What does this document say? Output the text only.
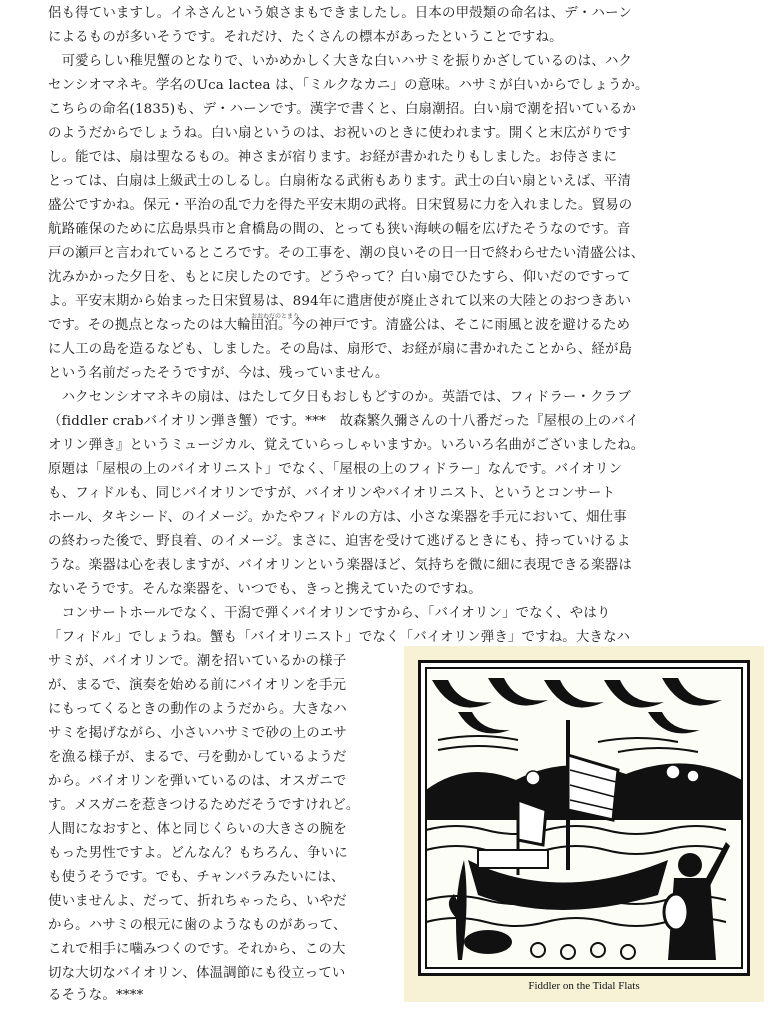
侶も得ていますし。イネさんという娘さまもできましたし。日本の甲殻類の命名は、デ・ハーン
によるものが多いそうです。それだけ、たくさんの標本があったということですね。
　可愛らしい稚児蟹のとなりで、いかめかしく大きな白いハサミを振りかざしているのは、ハク
センシオマネキ。学名のUca lactea は、「ミルクなカニ」の意味。ハサミが白いからでしょうか。
こちらの命名(1835)も、デ・ハーンです。漢字で書くと、白扇潮招。白い扇で潮を招いているか
のようだからでしょうね。白い扇というのは、お祝いのときに使われます。開くと末広がりです
し。能では、扇は聖なるもの。神さまが宿ります。お経が書かれたりもしました。お侍さまに
とっては、白扇は上級武士のしるし。白扇術なる武術もあります。武士の白い扇といえば、平清
盛公ですかね。保元・平治の乱で力を得た平安末期の武将。日宋貿易に力を入れました。貿易の
航路確保のために広島県呉市と倉橋島の間の、とっても狭い海峡の幅を広げたそうなのです。音
戸の瀬戸と言われているところです。その工事を、潮の良いその日一日で終わらせたい清盛公は、
沈みかかった夕日を、もとに戻したのです。どうやって？白い扇でひたすら、仰いだのですって
よ。平安末期から始まった日宋貿易は、894年に遣唐使が廃止されて以来の大陸とのおつきあい
おおわだのとまり
です。その拠点となったのは大輪田泊。今の神戸です。清盛公は、そこに雨風と波を避けるため
に人工の島を造るなども、しました。その島は、扇形で、お経が扇に書かれたことから、経が島
という名前だったそうですが、今は、残っていません。
　ハクセンシオマネキの扇は、はたして夕日もおしもどすのか。英語では、フィドラー・クラブ
（fiddler crabバイオリン弾き蟹）です。***　故森繁久彌さんの十八番だった『屋根の上のバイ
オリン弾き』というミュージカル、覚えていらっしゃいますか。いろいろ名曲がございましたね。
原題は「屋根の上のバイオリニスト」でなく、「屋根の上のフィドラー」なんです。バイオリン
も、フィドルも、同じバイオリンですが、バイオリンやバイオリニスト、というとコンサート
ホール、タキシード、のイメージ。かたやフィドルの方は、小さな楽器を手元において、畑仕事
の終わった後で、野良着、のイメージ。まさに、迫害を受けて逃げるときにも、持っていけるよ
うな。楽器は心を表しますが、バイオリンという楽器ほど、気持ちを微に細に表現できる楽器は
ないそうです。そんな楽器を、いつでも、きっと携えていたのですね。
　コンサートホールでなく、干潟で弾くバイオリンですから、「バイオリン」でなく、やはり
「フィドル」でしょうね。蟹も「バイオリニスト」でなく「バイオリン弾き」ですね。大きなハ
サミが、バイオリンで。潮を招いているかの様子
が、まるで、演奏を始める前にバイオリンを手元
にもってくるときの動作のようだから。大きなハ
サミを掲げながら、小さいハサミで砂の上のエサ
を漁る様子が、まるで、弓を動かしているようだ
から。バイオリンを弾いているのは、オスガニで
す。メスガニを惹きつけるためだそうですけれど。
人間になおすと、体と同じくらいの大きさの腕を
もった男性ですよ。どんなん？もちろん、争いに
も使うそうです。でも、チャンバラみたいには、
使いませんよ、だって、折れちゃったら、いやだ
から。ハサミの根元に歯のようなものがあって、
これで相手に噛みつくのです。それから、この大
切な大切なバイオリン、体温調節にも役立ってい
るそうな。****
Fiddler on the Tidal Flats
